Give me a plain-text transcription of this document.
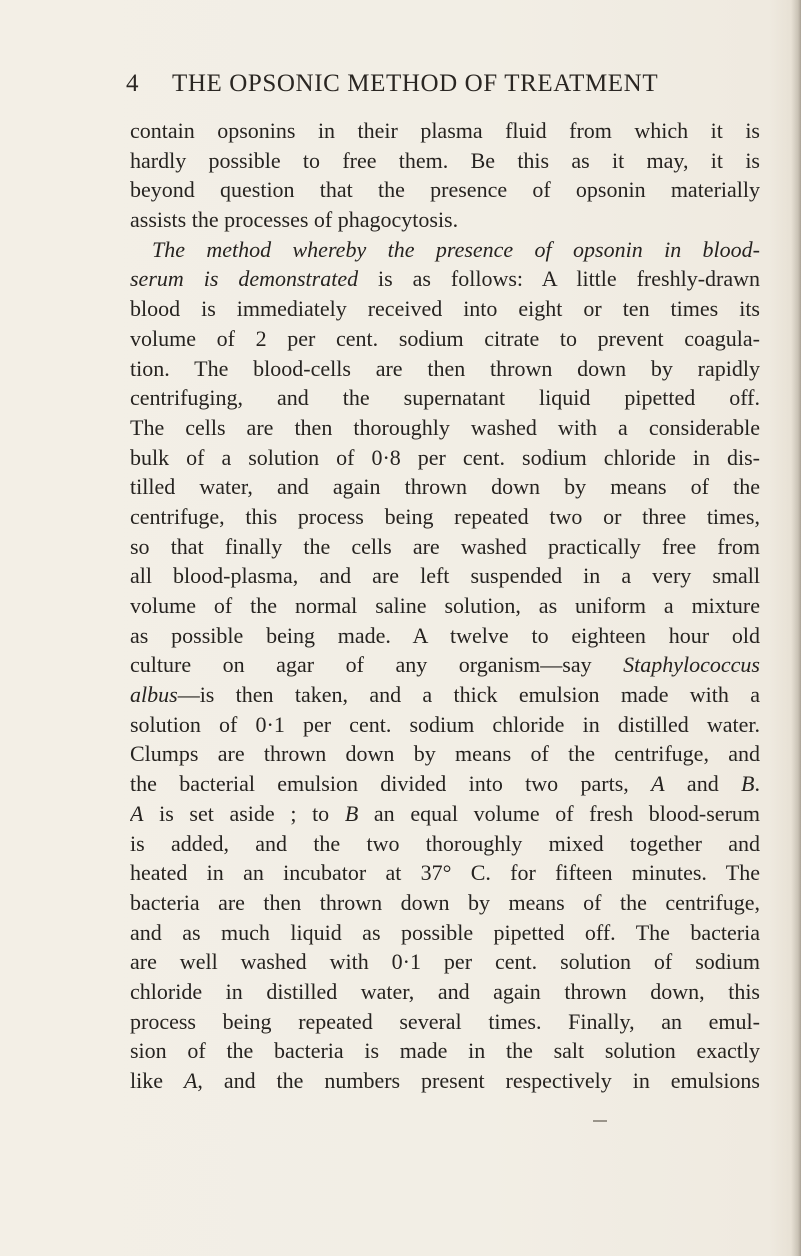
4 THE OPSONIC METHOD OF TREATMENT
contain opsonins in their plasma fluid from which it is
hardly possible to free them. Be this as it may, it is
beyond question that the presence of opsonin materially
assists the processes of phagocytosis.
The method whereby the presence of opsonin in blood-
serum is demonstrated is as follows: A little freshly-drawn
blood is immediately received into eight or ten times its
volume of 2 per cent. sodium citrate to prevent coagula-
tion. The blood-cells are then thrown down by rapidly
centrifuging, and the supernatant liquid pipetted off.
The cells are then thoroughly washed with a considerable
bulk of a solution of 0·8 per cent. sodium chloride in dis-
tilled water, and again thrown down by means of the
centrifuge, this process being repeated two or three times,
so that finally the cells are washed practically free from
all blood-plasma, and are left suspended in a very small
volume of the normal saline solution, as uniform a mixture
as possible being made. A twelve to eighteen hour old
culture on agar of any organism—say Staphylococcus
albus—is then taken, and a thick emulsion made with a
solution of 0·1 per cent. sodium chloride in distilled water.
Clumps are thrown down by means of the centrifuge, and
the bacterial emulsion divided into two parts, A and B.
A is set aside ; to B an equal volume of fresh blood-serum
is added, and the two thoroughly mixed together and
heated in an incubator at 37° C. for fifteen minutes. The
bacteria are then thrown down by means of the centrifuge,
and as much liquid as possible pipetted off. The bacteria
are well washed with 0·1 per cent. solution of sodium
chloride in distilled water, and again thrown down, this
process being repeated several times. Finally, an emul-
sion of the bacteria is made in the salt solution exactly
like A, and the numbers present respectively in emulsions
